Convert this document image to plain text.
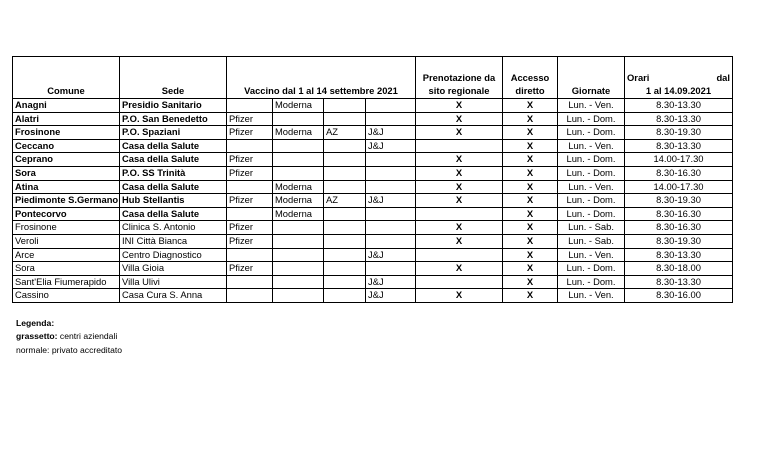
Comune	Sede	Vaccino dal 1 al 14 settembre 2021				Prenotazione da sito regionale	Accesso diretto	Giornate	Orari dal
1 al 14.09.2021

Anagni	Presidio Sanitario		Moderna			X	X	Lun. - Ven.	8.30-13.30
Alatri	P.O. San Benedetto	Pfizer				X	X	Lun. - Dom.	8.30-13.30
Frosinone	P.O. Spaziani	Pfizer	Moderna	AZ	J&J	X	X	Lun. - Dom.	8.30-19.30
Ceccano	Casa della Salute				J&J		X	Lun. - Ven.	8.30-13.30
Ceprano	Casa della Salute	Pfizer				X	X	Lun. - Dom.	14.00-17.30
Sora	P.O. SS Trinità	Pfizer				X	X	Lun. - Dom.	8.30-16.30
Atina	Casa della Salute		Moderna			X	X	Lun. - Ven.	14.00-17.30
Piedimonte S.Germano	Hub Stellantis	Pfizer	Moderna	AZ	J&J	X	X	Lun. - Dom.	8.30-19.30
Pontecorvo	Casa della Salute		Moderna				X	Lun. - Dom.	8.30-16.30
Frosinone	Clinica S. Antonio	Pfizer				X	X	Lun. - Sab.	8.30-16.30
Veroli	INI Città Bianca	Pfizer				X	X	Lun. - Sab.	8.30-19.30
Arce	Centro Diagnostico				J&J		X	Lun. - Ven.	8.30-13.30
Sora	Villa Gioia	Pfizer				X	X	Lun. - Dom.	8.30-18.00
Sant'Elia Fiumerapido	Villa Ulivi				J&J		X	Lun. - Dom.	8.30-13.30
Cassino	Casa Cura S. Anna				J&J	X	X	Lun. - Ven.	8.30-16.00
Legenda:
grassetto: centri aziendali
normale: privato accreditato
